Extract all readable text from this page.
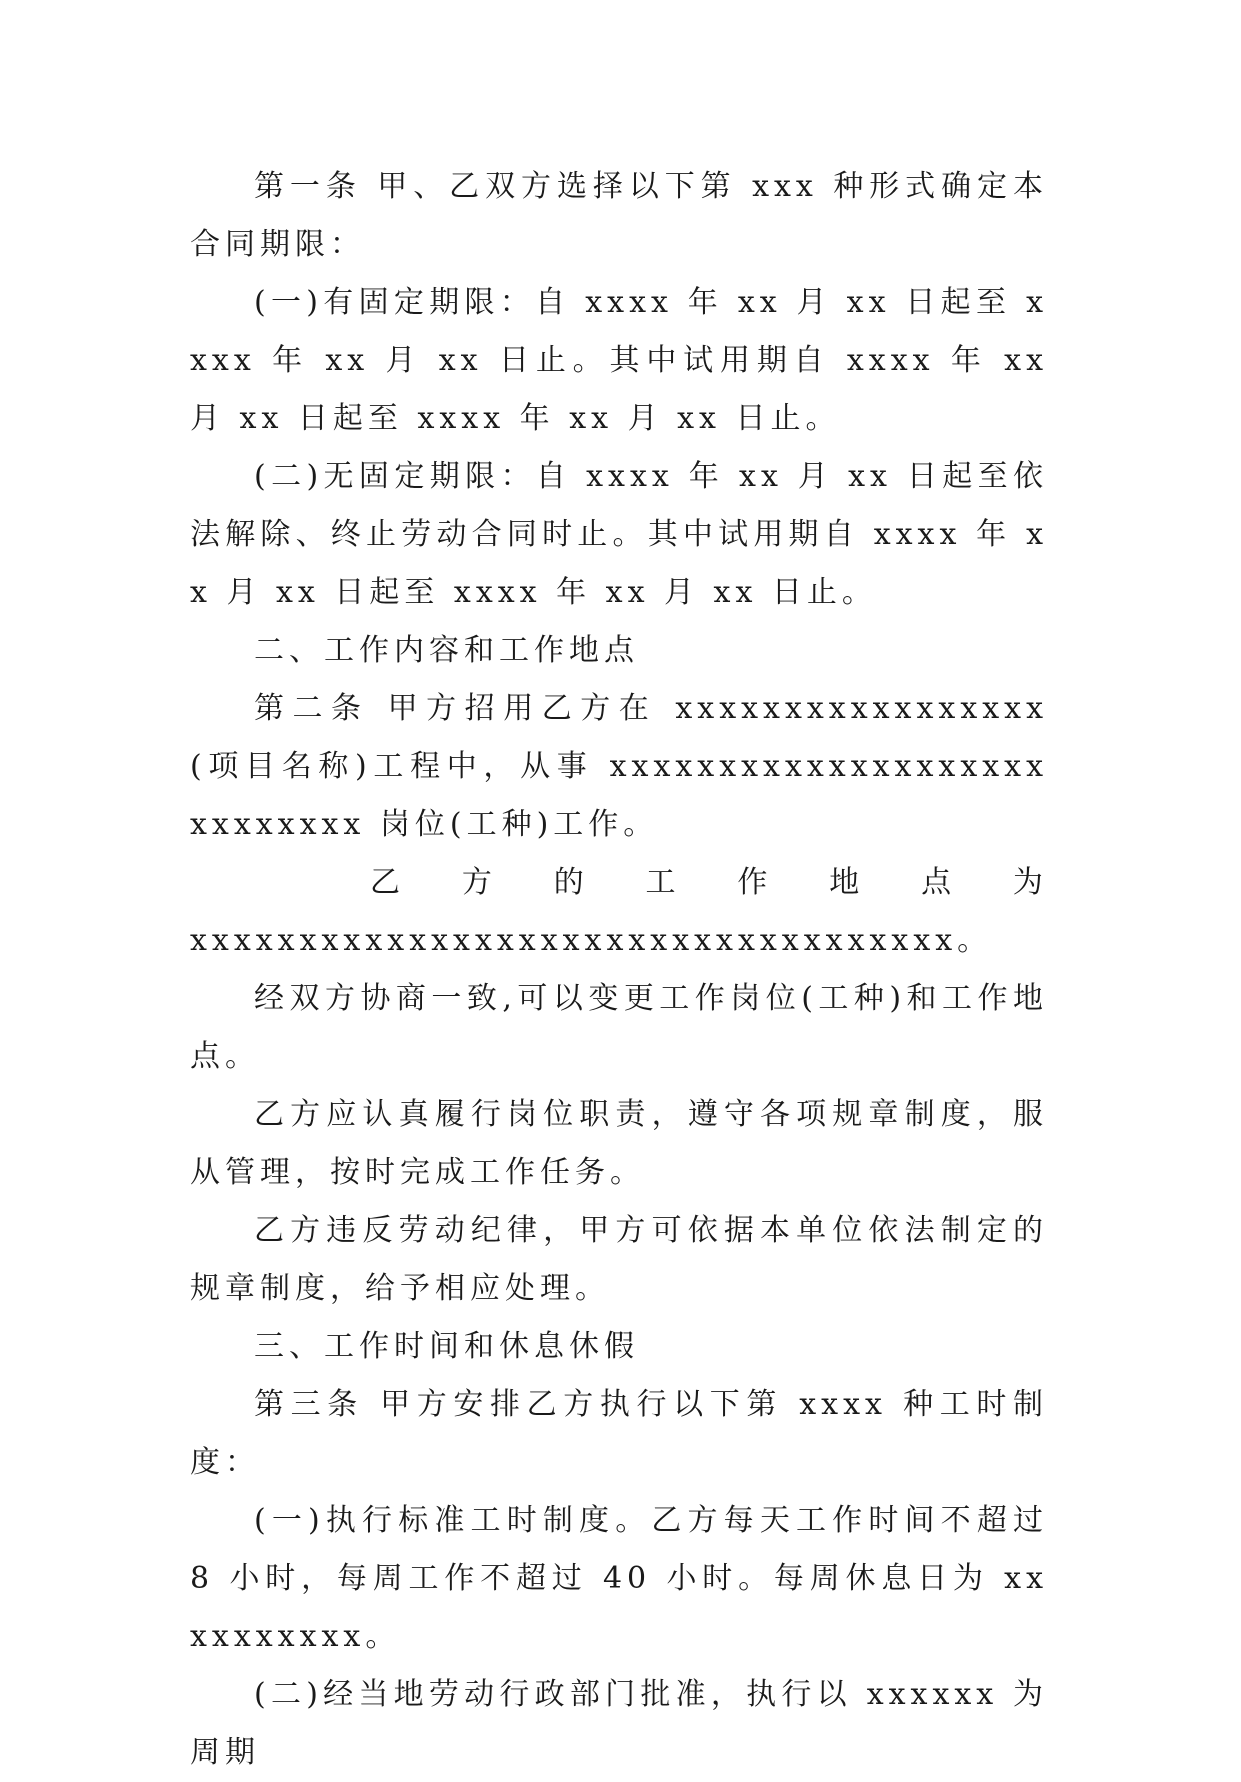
第一条 甲、乙双方选择以下第 xxx 种形式确定本合同期限：

(一)有固定期限：自 xxxx 年 xx 月 xx 日起至 xxxx 年 xx 月 xx 日止。其中试用期自 xxxx 年 xx 月 xx 日起至 xxxx 年 xx 月 xx 日止。

(二)无固定期限：自 xxxx 年 xx 月 xx 日起至依法解除、终止劳动合同时止。其中试用期自 xxxx 年 xx 月 xx 日起至 xxxx 年 xx 月 xx 日止。

二、工作内容和工作地点

第二条 甲方招用乙方在 xxxxxxxxxxxxxxxxx(项目名称)工程中，从事 xxxxxxxxxxxxxxxxxxxxxxxxxxxx 岗位(工种)工作。

乙 方 的 工 作 地 点 为

xxxxxxxxxxxxxxxxxxxxxxxxxxxxxxxxxxx。

经双方协商一致,可以变更工作岗位(工种)和工作地点。

乙方应认真履行岗位职责，遵守各项规章制度，服从管理，按时完成工作任务。

乙方违反劳动纪律，甲方可依据本单位依法制定的规章制度，给予相应处理。

三、工作时间和休息休假

第三条 甲方安排乙方执行以下第 xxxx 种工时制度：

(一)执行标准工时制度。乙方每天工作时间不超过 8 小时，每周工作不超过 40 小时。每周休息日为 xxxxxxxxxx。

(二)经当地劳动行政部门批准，执行以 xxxxxx 为周期
